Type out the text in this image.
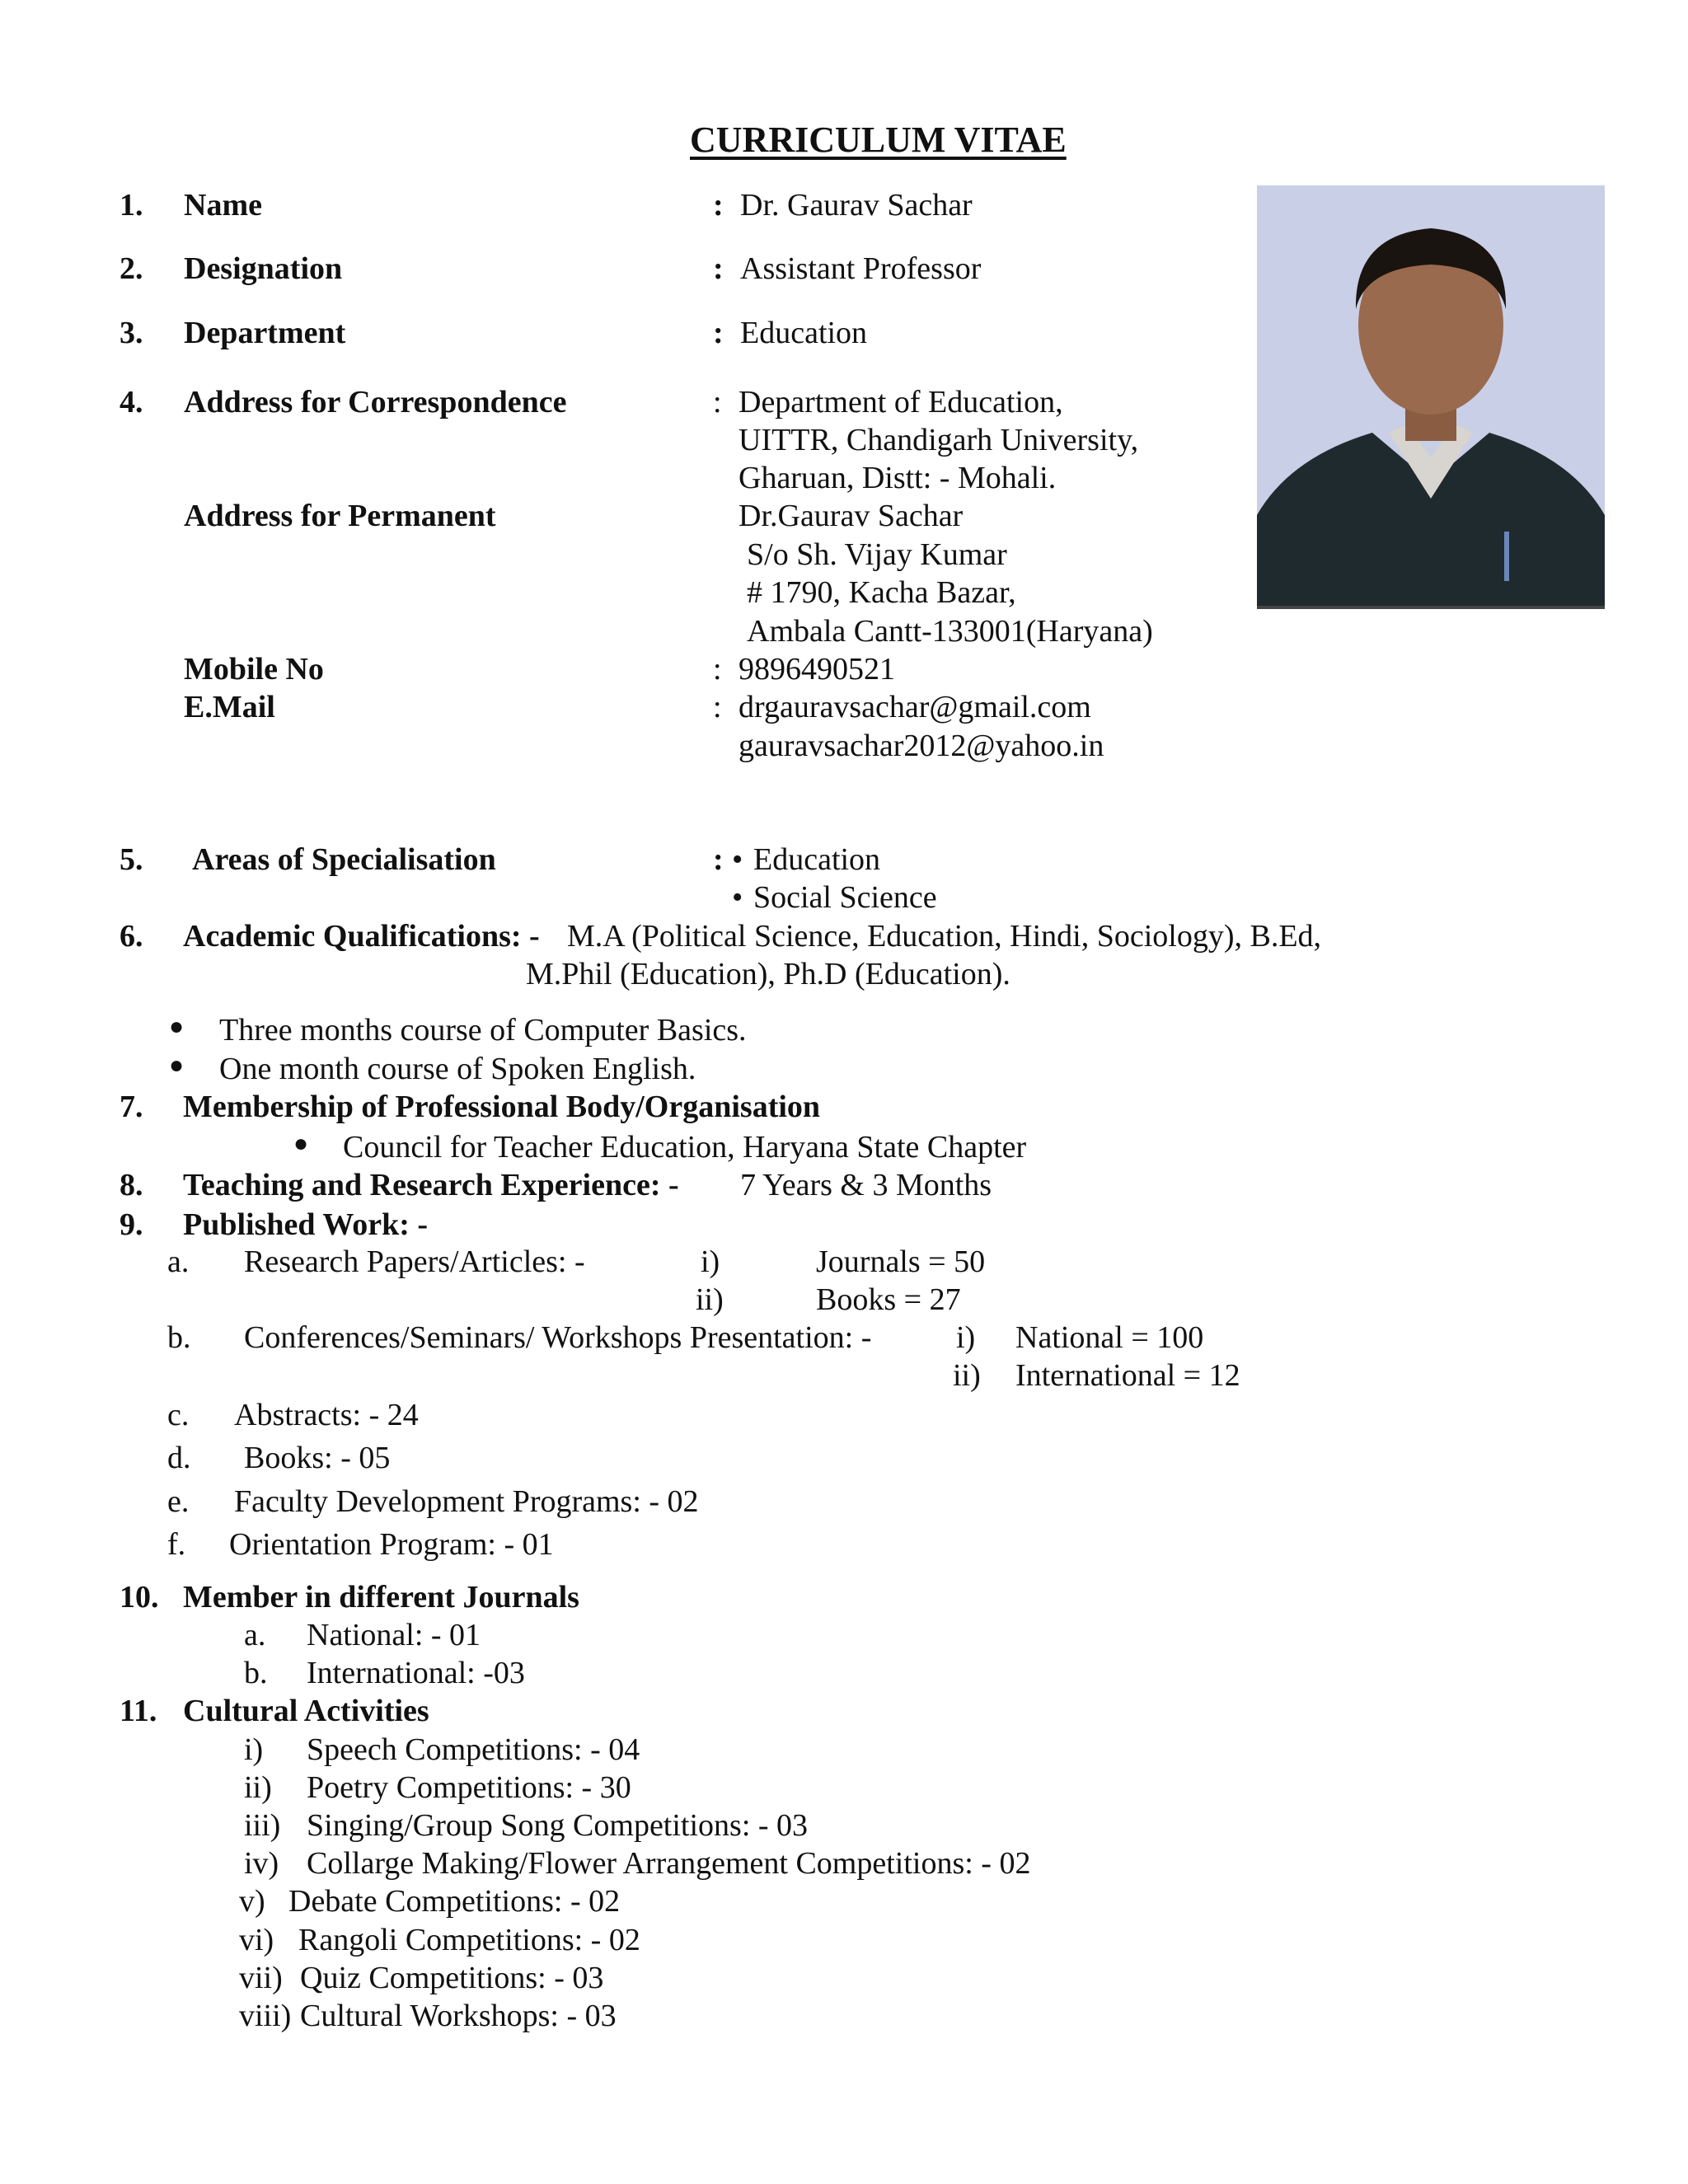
CURRICULUM VITAE
1. Name	: Dr. Gaurav Sachar
2. Designation	: Assistant Professor
3. Department	: Education
4. Address for Correspondence	: Department of Education,
UITTR, Chandigarh University,
Gharuan, Distt: - Mohali.
Address for Permanent	Dr.Gaurav Sachar
S/o Sh. Vijay Kumar
# 1790, Kacha Bazar,
Ambala Cantt-133001(Haryana)
Mobile No	: 9896490521
E.Mail	: drgauravsachar@gmail.com
gauravsachar2012@yahoo.in
5. Areas of Specialisation	: • Education
• Social Science
6. Academic Qualifications: - M.A (Political Science, Education, Hindi, Sociology), B.Ed,
M.Phil (Education), Ph.D (Education).
● Three months course of Computer Basics.
● One month course of Spoken English.
7. Membership of Professional Body/Organisation
● Council for Teacher Education, Haryana State Chapter
8. Teaching and Research Experience: - 7 Years & 3 Months
9. Published Work: -
a. Research Papers/Articles: -	i)	Journals = 50
ii)	Books = 27
b. Conferences/Seminars/ Workshops Presentation: -	i) National = 100
ii) International = 12
c. Abstracts: - 24
d. Books: - 05
e. Faculty Development Programs: - 02
f. Orientation Program: - 01
10. Member in different Journals
a. National: - 01
b. International: -03
11. Cultural Activities
i) Speech Competitions: - 04
ii) Poetry Competitions: - 30
iii) Singing/Group Song Competitions: - 03
iv) Collarge Making/Flower Arrangement Competitions: - 02
v) Debate Competitions: - 02
vi) Rangoli Competitions: - 02
vii) Quiz Competitions: - 03
viii) Cultural Workshops: - 03
